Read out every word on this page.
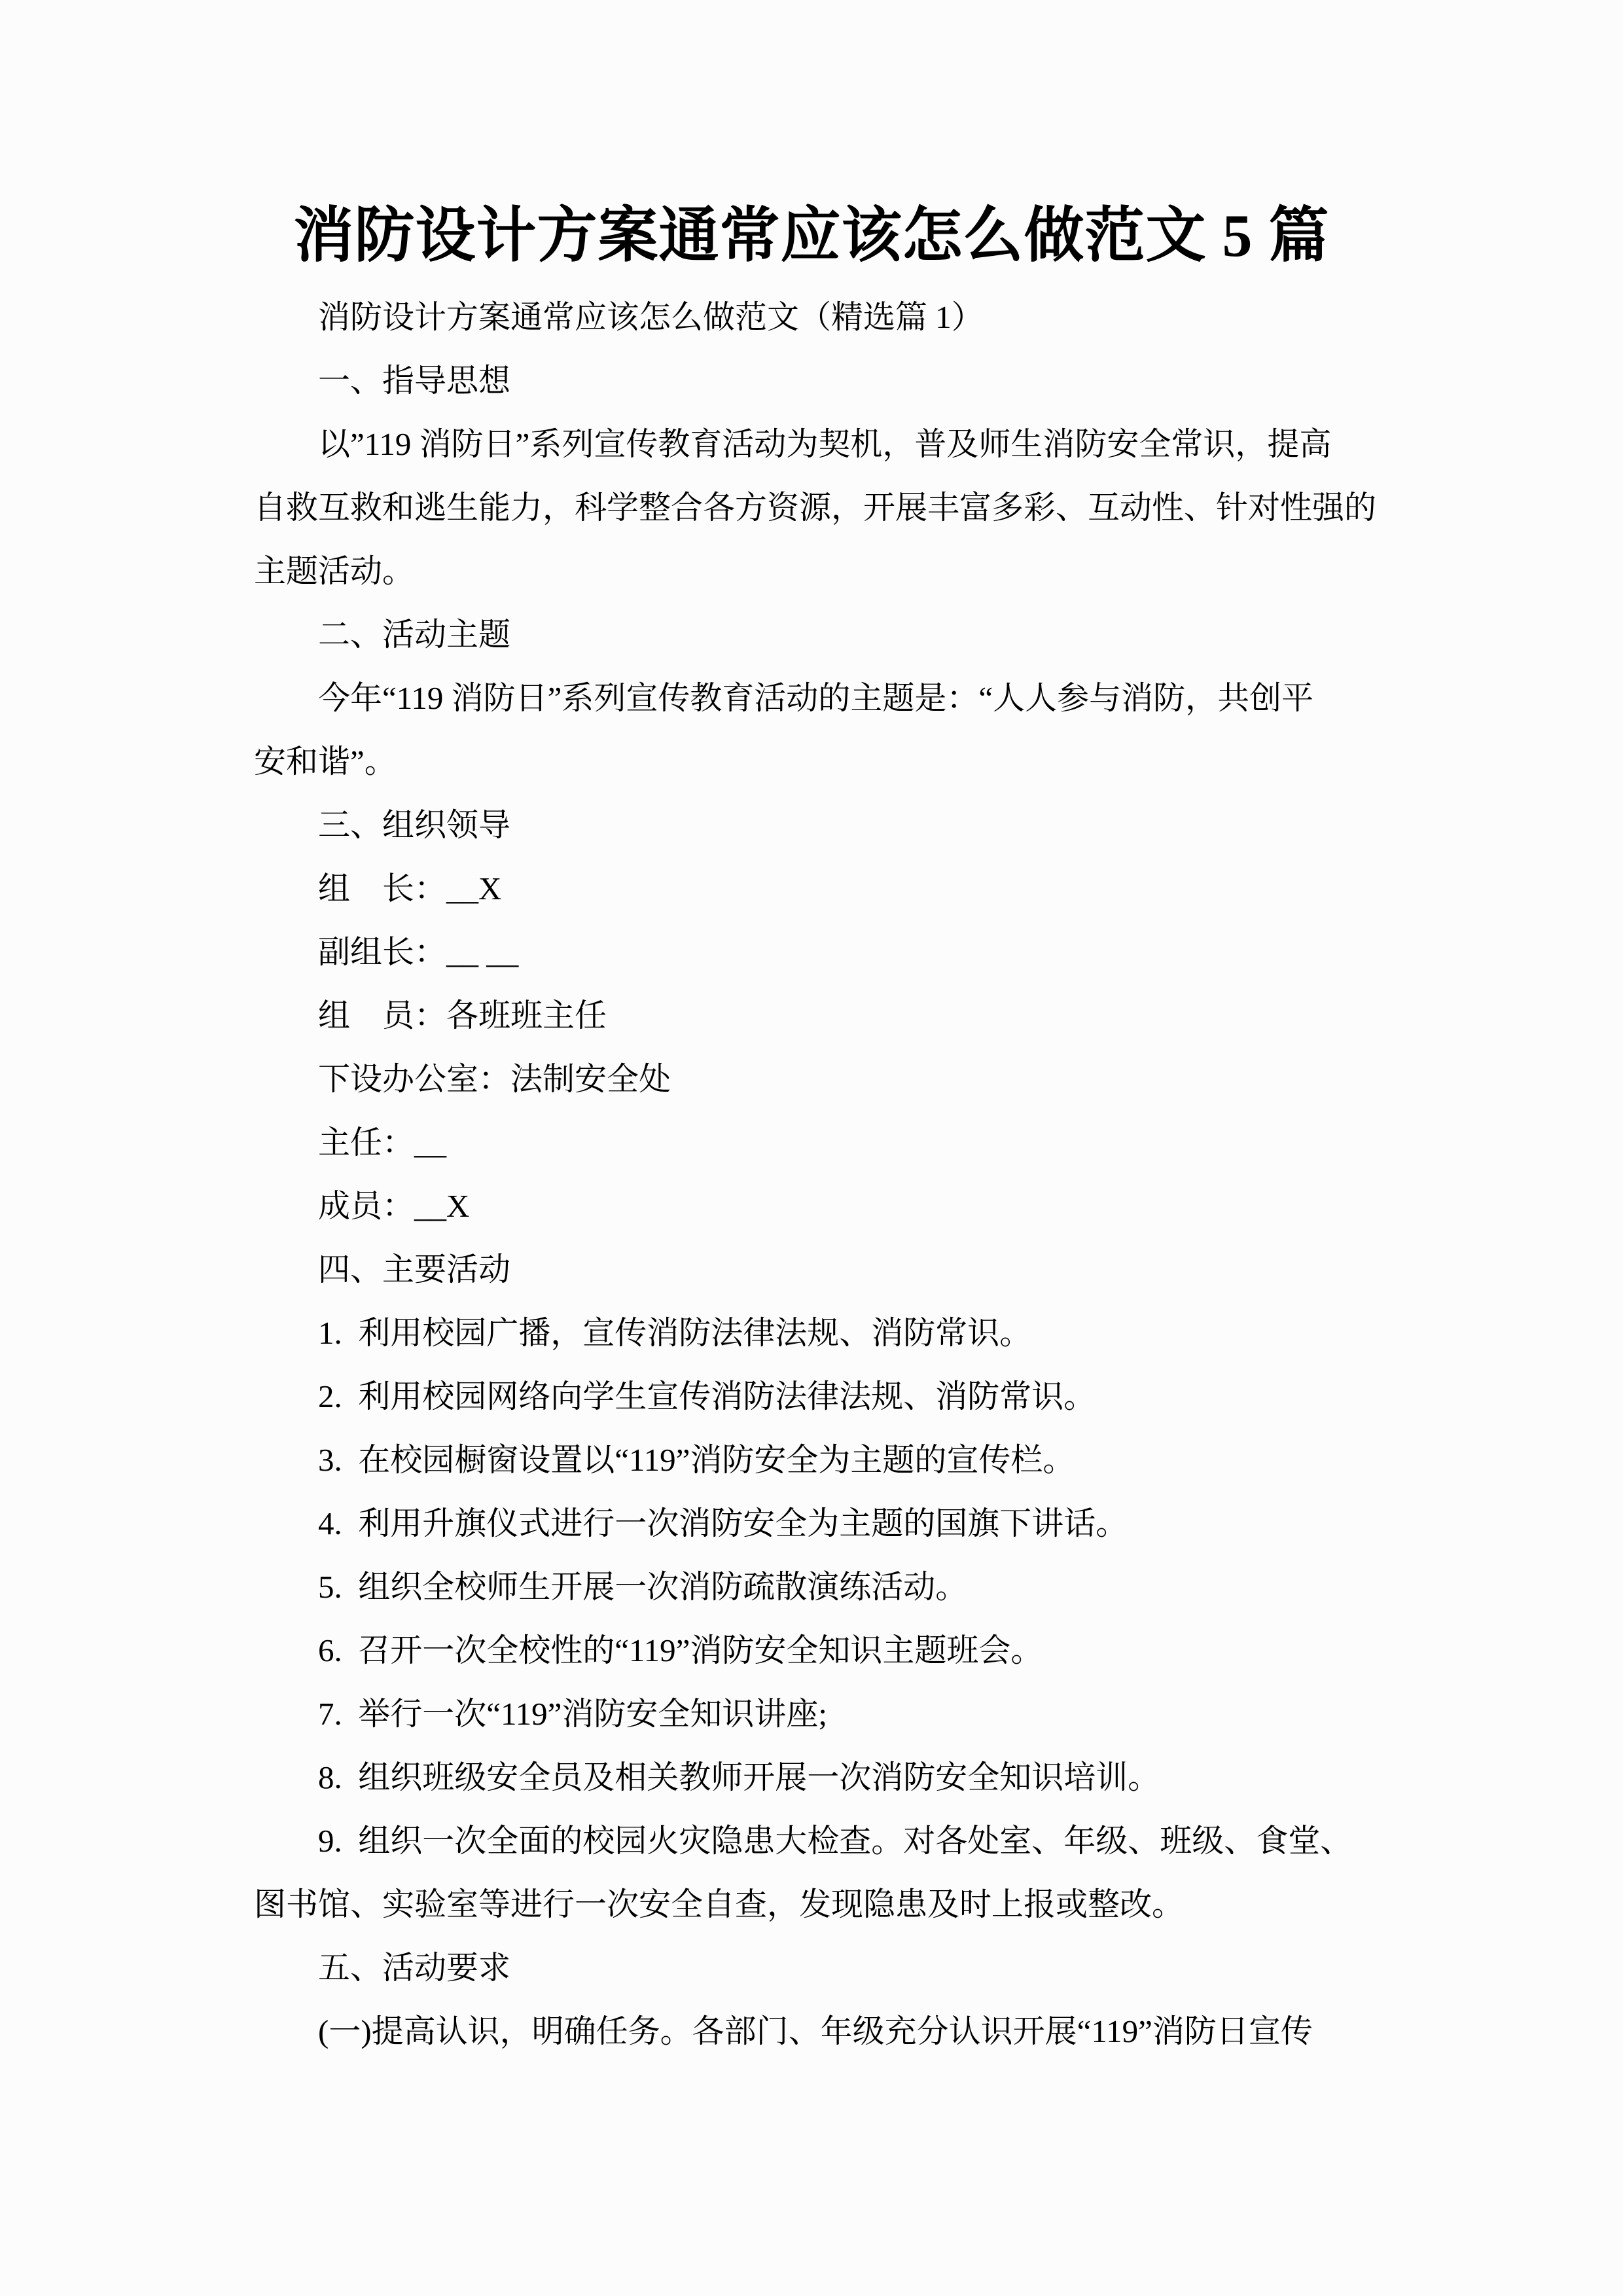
消防设计方案通常应该怎么做范文 5 篇
消防设计方案通常应该怎么做范文（精选篇 1）
一、指导思想
以”119 消防日”系列宣传教育活动为契机，普及师生消防安全常识，提高
自救互救和逃生能力，科学整合各方资源，开展丰富多彩、互动性、针对性强的
主题活动。
二、活动主题
今年“119 消防日”系列宣传教育活动的主题是：“人人参与消防，共创平
安和谐”。
三、组织领导
组　长：__X
副组长：__ __
组　员：各班班主任
下设办公室：法制安全处
主任：__
成员：__X
四、主要活动
1.  利用校园广播，宣传消防法律法规、消防常识。
2.  利用校园网络向学生宣传消防法律法规、消防常识。
3.  在校园橱窗设置以“119”消防安全为主题的宣传栏。
4.  利用升旗仪式进行一次消防安全为主题的国旗下讲话。
5.  组织全校师生开展一次消防疏散演练活动。
6.  召开一次全校性的“119”消防安全知识主题班会。
7.  举行一次“119”消防安全知识讲座;
8.  组织班级安全员及相关教师开展一次消防安全知识培训。
9.  组织一次全面的校园火灾隐患大检查。对各处室、年级、班级、食堂、
图书馆、实验室等进行一次安全自查，发现隐患及时上报或整改。
五、活动要求
(一)提高认识，明确任务。各部门、年级充分认识开展“119”消防日宣传
